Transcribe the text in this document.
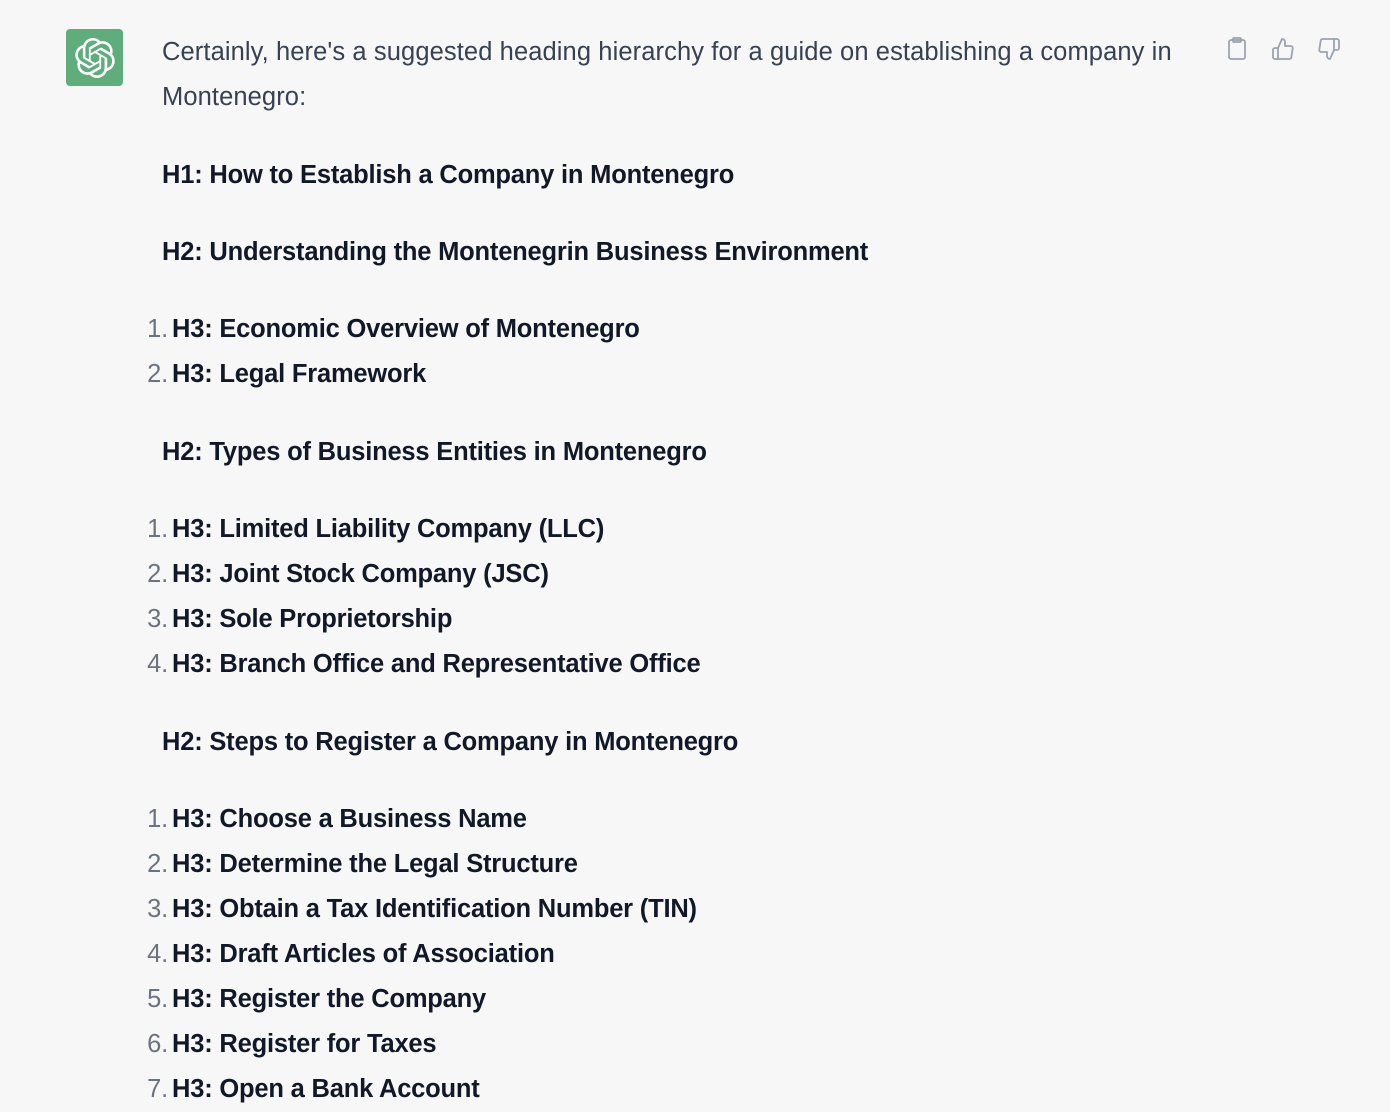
Certainly, here's a suggested heading hierarchy for a guide on establishing a company in Montenegro:

H1: How to Establish a Company in Montenegro

H2: Understanding the Montenegrin Business Environment

1. H3: Economic Overview of Montenegro
2. H3: Legal Framework

H2: Types of Business Entities in Montenegro

1. H3: Limited Liability Company (LLC)
2. H3: Joint Stock Company (JSC)
3. H3: Sole Proprietorship
4. H3: Branch Office and Representative Office

H2: Steps to Register a Company in Montenegro

1. H3: Choose a Business Name
2. H3: Determine the Legal Structure
3. H3: Obtain a Tax Identification Number (TIN)
4. H3: Draft Articles of Association
5. H3: Register the Company
6. H3: Register for Taxes
7. H3: Open a Bank Account
